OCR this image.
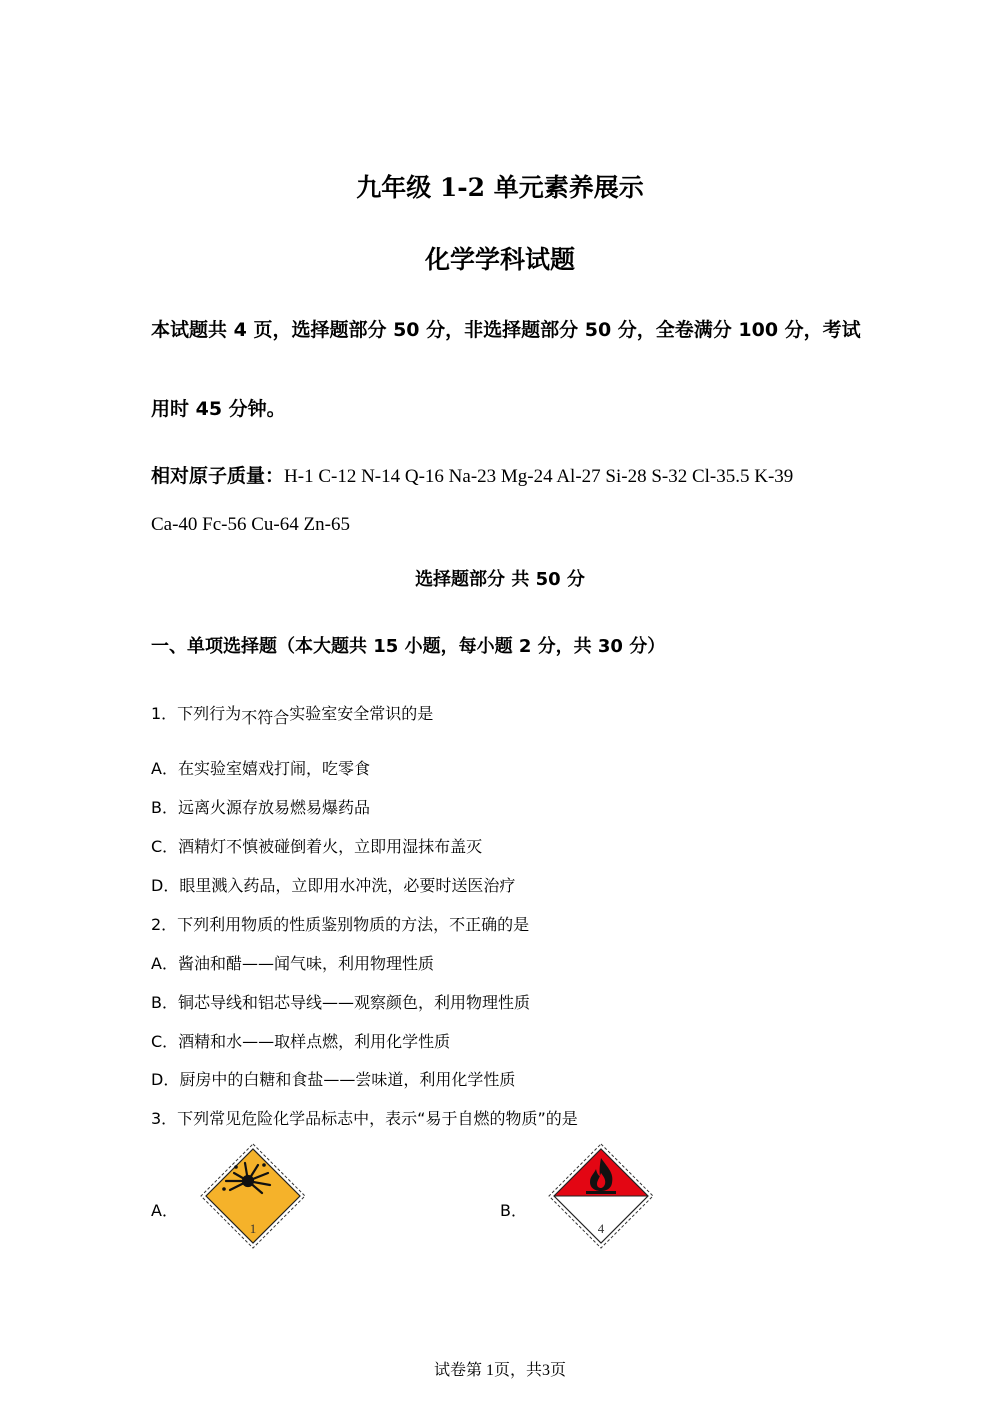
九年级 1-2 单元素养展示
化学学科试题
本试题共 4 页，选择题部分 50 分，非选择题部分 50 分，全卷满分 100 分，考试
用时 45 分钟。
相对原子质量：H-1 C-12 N-14 Q-16 Na-23 Mg-24 Al-27 Si-28 S-32 Cl-35.5 K-39
Ca-40 Fc-56 Cu-64 Zn-65
选择题部分 共 50 分
一、单项选择题（本大题共 15 小题，每小题 2 分，共 30 分）
1．下列行为不符合实验室安全常识的是
A．在实验室嬉戏打闹，吃零食
B．远离火源存放易燃易爆药品
C．酒精灯不慎被碰倒着火，立即用湿抹布盖灭
D．眼里溅入药品，立即用水冲洗，必要时送医治疗
2．下列利用物质的性质鉴别物质的方法，不正确的是
A．酱油和醋——闻气味，利用物理性质
B．铜芯导线和铝芯导线——观察颜色，利用物理性质
C．酒精和水——取样点燃，利用化学性质
D．厨房中的白糖和食盐——尝味道，利用化学性质
3．下列常见危险化学品标志中，表示“易于自燃的物质”的是
A．
1
B．
4
试卷第 1页，共3页
